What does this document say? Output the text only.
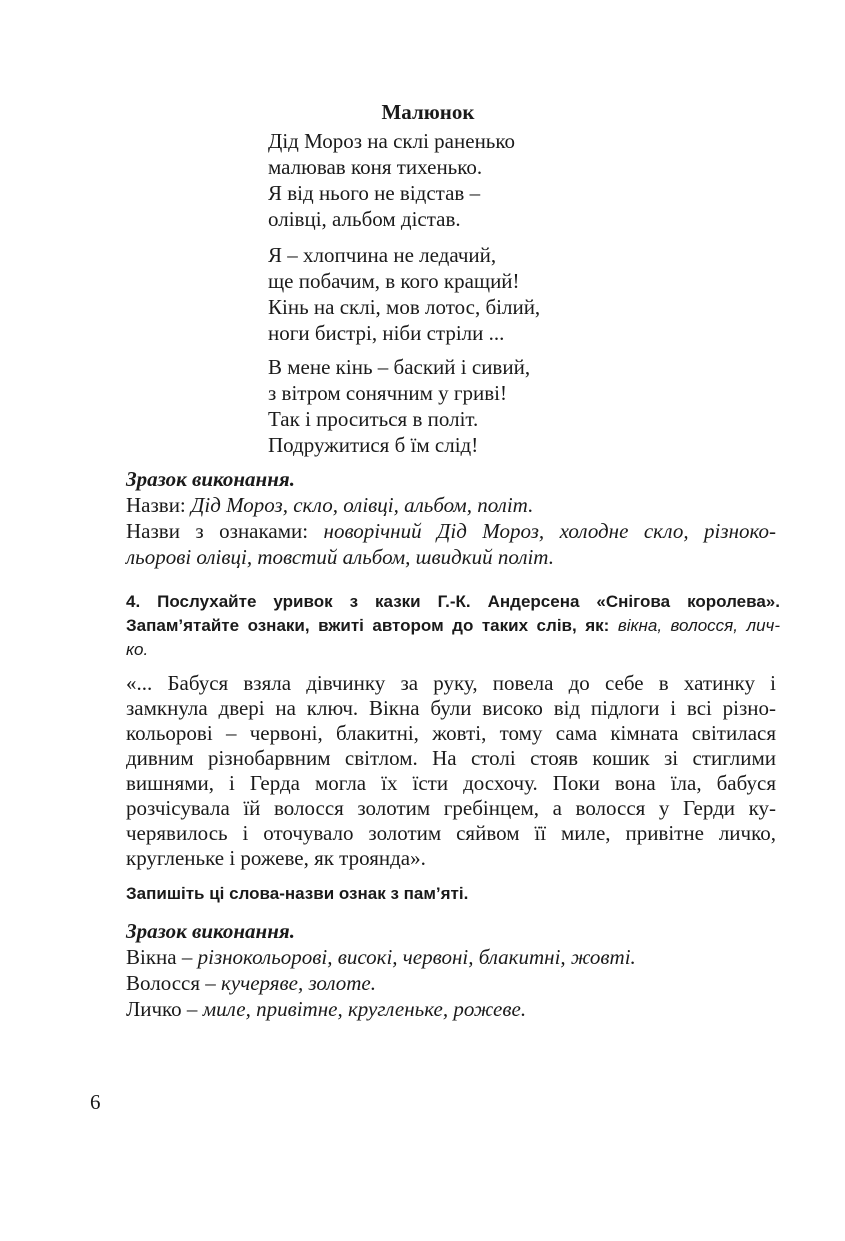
Малюнок
Дід Мороз на склі раненько
малював коня тихенько.
Я від нього не відстав –
олівці, альбом дістав.
Я – хлопчина не ледачий,
ще побачим, в кого кращий!
Кінь на склі, мов лотос, білий,
ноги бистрі, ніби стріли ...
В мене кінь – баский і сивий,
з вітром сонячним у гриві!
Так і проситься в політ.
Подружитися б їм слід!
Зразок виконання.
Назви: Дід Мороз, скло, олівці, альбом, політ.
Назви з ознаками: новорічний Дід Мороз, холодне скло, різноко-
льорові олівці, товстий альбом, швидкий політ.
4. Послухайте уривок з казки Г.-К. Андерсена «Снігова королева».
Запам’ятайте ознаки, вжиті автором до таких слів, як: вікна, волосся, лич-
ко.
«... Бабуся взяла дівчинку за руку, повела до себе в хатинку і
замкнула двері на ключ. Вікна були високо від підлоги і всі різно-
кольорові – червоні, блакитні, жовті, тому сама кімната світилася
дивним різнобарвним світлом. На столі стояв кошик зі стиглими
вишнями, і Герда могла їх їсти досхочу. Поки вона їла, бабуся
розчісувала їй волосся золотим гребінцем, а волосся у Герди ку-
черявилось і оточувало золотим сяйвом її миле, привітне личко,
кругленьке і рожеве, як троянда».
Запишіть ці слова-назви ознак з пам’яті.
Зразок виконання.
Вікна – різнокольорові, високі, червоні, блакитні, жовті.
Волосся – кучеряве, золоте.
Личко – миле, привітне, кругленьке, рожеве.
6
